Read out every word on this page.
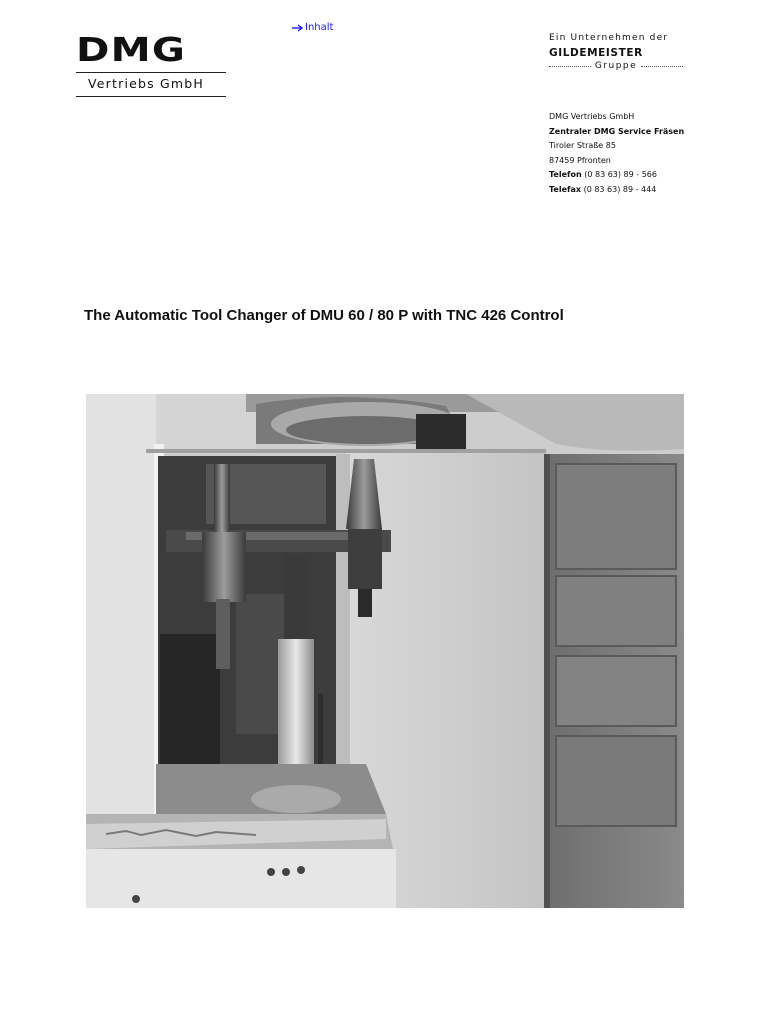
DMG
Vertriebs GmbH
Inhalt
Ein Unternehmen der
GILDEMEISTER
Gruppe
DMG Vertriebs GmbH
Zentraler DMG Service Fräsen
Tiroler Straße 85
87459 Pfronten
Telefon (0 83 63) 89 - 566
Telefax (0 83 63) 89 - 444
The Automatic Tool Changer of DMU 60 / 80 P with TNC 426 Control
